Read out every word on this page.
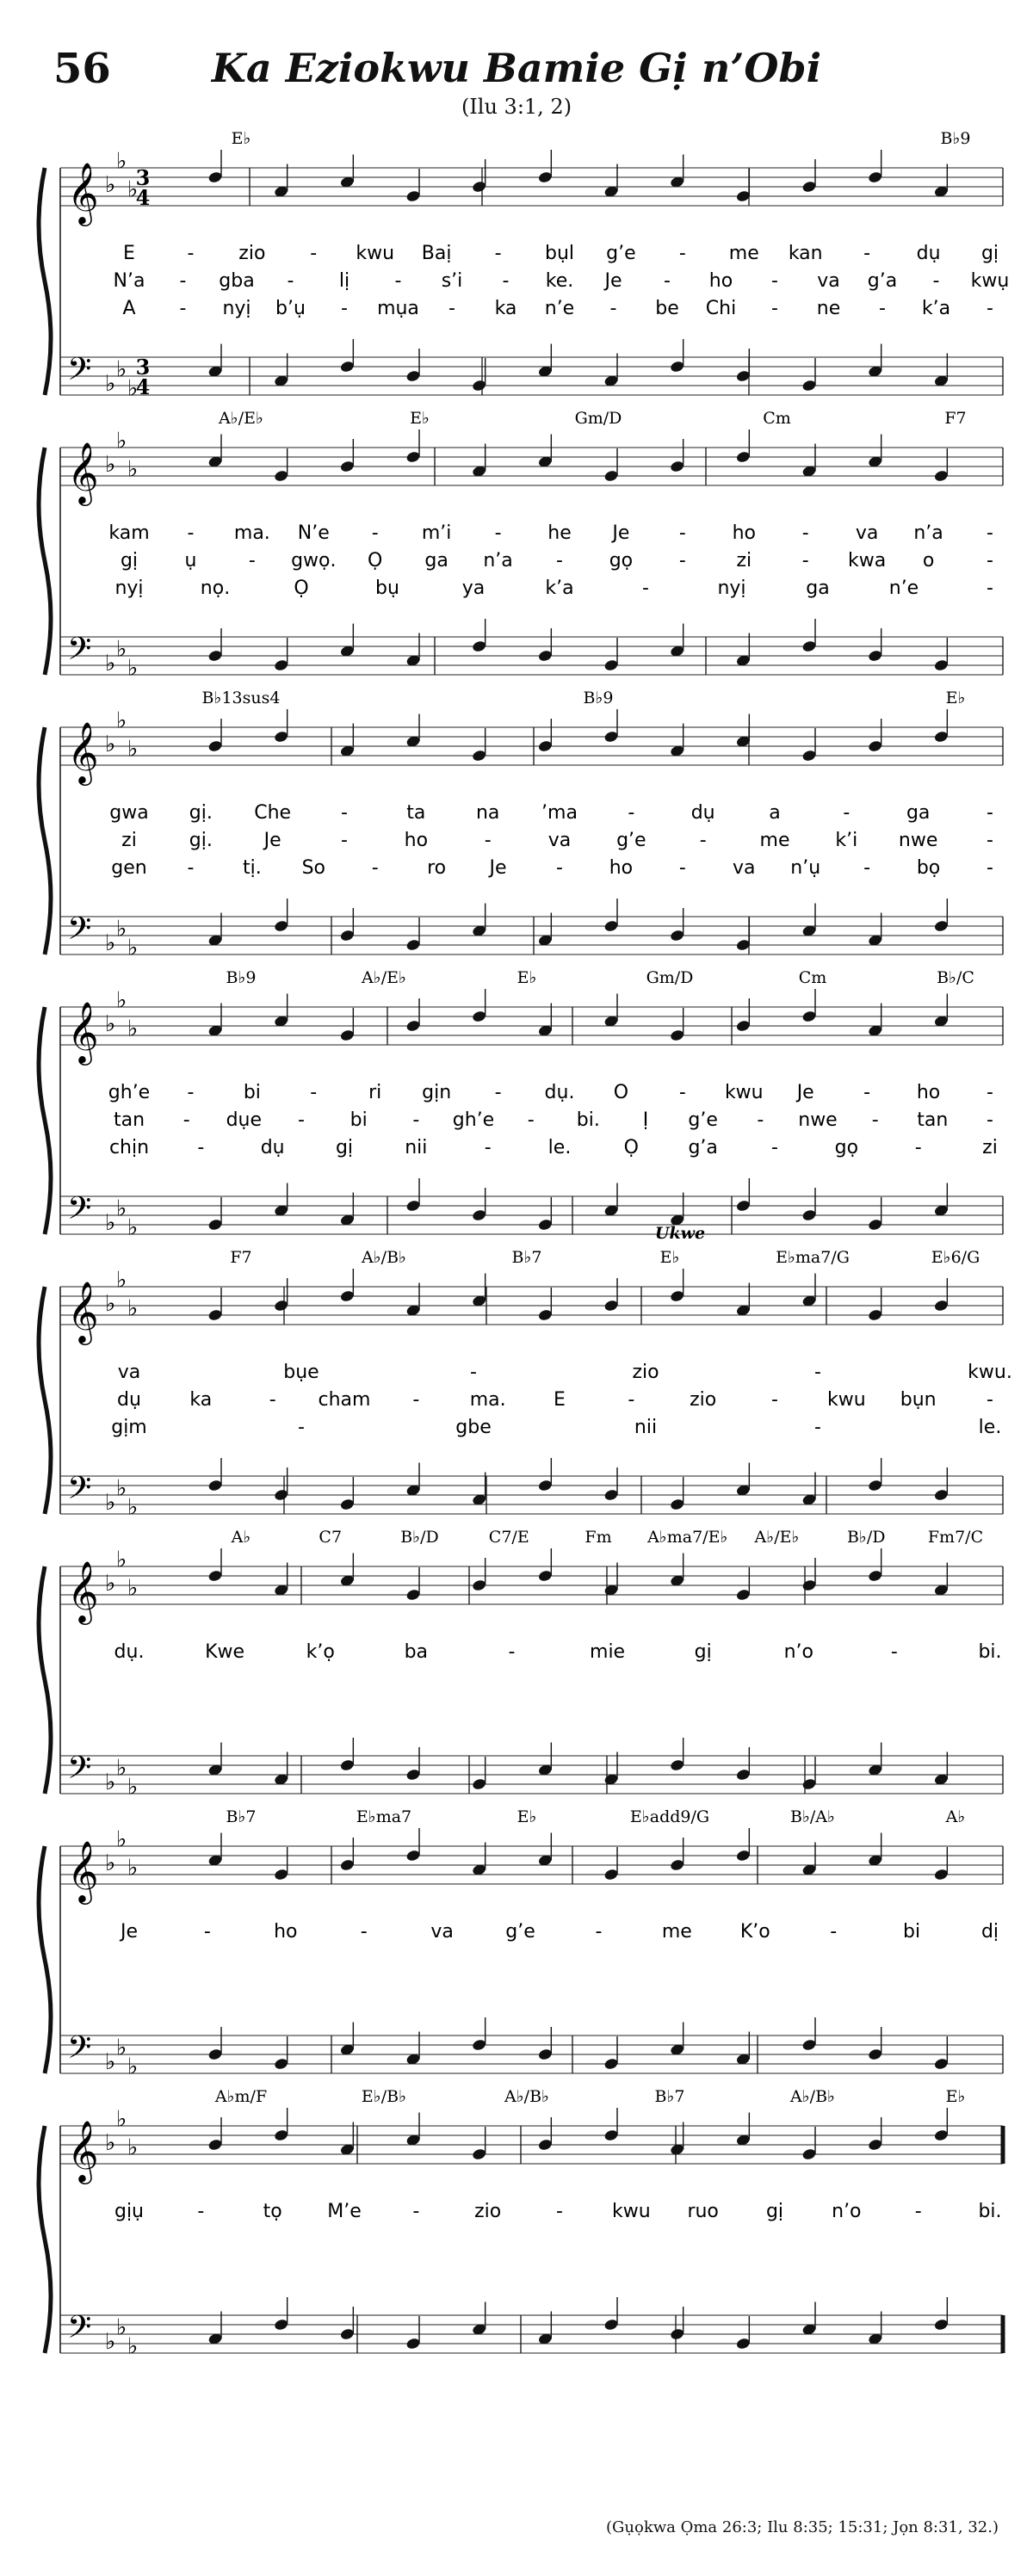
56	Ka Eziokwu Bamie Gị n’Obi
(Ilu 3:1, 2)
𝄞 ♭
♭
♭
3
4
𝄢 ♭
♭
♭
3
4
E♭	B♭9
E	- zio - kwu Baị - bụl g’e - me kan - dụ gị
N’a - gba - lị - s’i - ke. Je - ho - va g’a - kwụ
A - nyị b’ụ - mụa - ka n’e - be Chi - ne - k’a -
𝄞 ♭
♭
♭
𝄢 ♭
♭
♭
A♭/E♭	E♭	Gm/D	Cm	F7
kam - ma. N’e - m’i - he Je	- ho - va n’a -
gị ụ	- gwọ. Ọ ga n’a - gọ -	zi	- kwa o	-
nyị	nọ.	Ọ	bụ	ya	k’a	-	nyị	ga	n’e	-
𝄞 ♭
♭
♭
𝄢 ♭
♭
♭
B♭13sus4	B♭9	E♭
gwa gị. Che	-	ta	na ’ma	-	dụ	a	-	ga	-
zi	gị.	Je	-	ho	-	va g’e	-	me k’i nwe	-
gen -	tị. So -	ro Je	- ho - va n’ụ - bọ -
𝄞 ♭
♭
♭
𝄢 ♭
♭
♭
B♭9	A♭/E♭	E♭	Gm/D	Cm	B♭/C
gh’e -	bi	-	ri gịn - dụ. O	- kwu Je	- ho -
tan - dụe - bi - gh’e - bi. Ị g’e - nwe - tan -
chịn	-	dụ	gị	nii	-	le.	Ọ	g’a	-	gọ	-	zi
𝄞 ♭
♭
♭
𝄢 ♭
♭
♭
F7	A♭/B♭	B♭7	E♭	E♭ma7/G	E♭6/G
Ukwe
va	bụe	-	zio	-	kwu.
dụ	ka	- cham -	ma.	E	-	zio	-	kwu bụn	-
gịm	-	gbe	nii	-	le.
𝄞 ♭
♭
♭
𝄢 ♭
♭
♭
A♭	C7	B♭/D	C7/E	Fm A♭ma7/E♭ A♭/E♭	B♭/D	Fm7/C
dụ.	Kwe	k’ọ	ba	-	mie	gị	n’o	-	bi.
𝄞 ♭
♭
♭
𝄢 ♭
♭
♭
B♭7	E♭ma7	E♭	E♭add9/G	B♭/A♭	A♭
Je	-	ho	-	va	g’e	-	me	K’o	-	bi	dị
𝄞 ♭
♭
♭
𝄢 ♭
♭
♭
A♭m/F	E♭/B♭	A♭/B♭	B♭7	A♭/B♭	E♭
gịụ	-	tọ M’e	-	zio	-	kwu ruo	gị	n’o	-	bi.
(Gụọkwa Ọma 26:3; Ilu 8:35; 15:31; Jọn 8:31, 32.)
